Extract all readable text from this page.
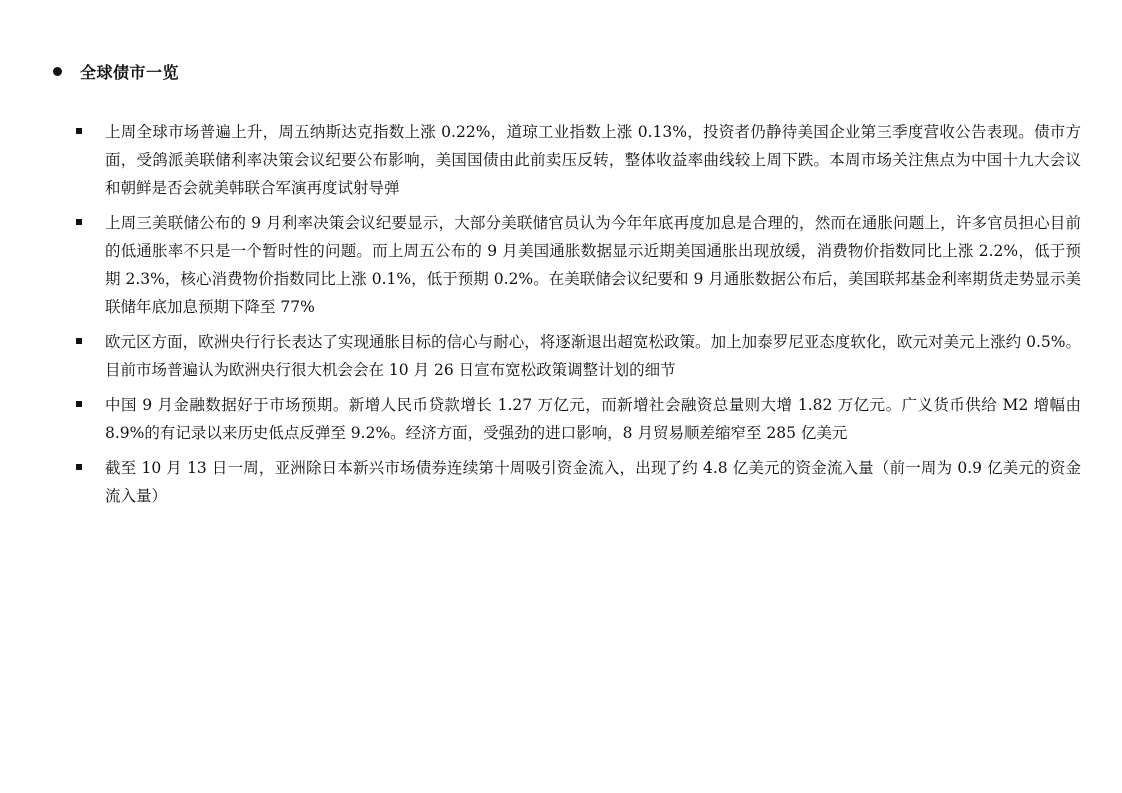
全球债市一览
上周全球市场普遍上升，周五纳斯达克指数上涨 0.22%，道琼工业指数上涨 0.13%，投资者仍静待美国企业第三季度营收公告表现。债市方面，受鸽派美联储利率决策会议纪要公布影响，美国国债由此前卖压反转，整体收益率曲线较上周下跌。本周市场关注焦点为中国十九大会议和朝鲜是否会就美韩联合军演再度试射导弹
上周三美联储公布的 9 月利率决策会议纪要显示，大部分美联储官员认为今年年底再度加息是合理的，然而在通胀问题上，许多官员担心目前的低通胀率不只是一个暂时性的问题。而上周五公布的 9 月美国通胀数据显示近期美国通胀出现放缓，消费物价指数同比上涨 2.2%，低于预期 2.3%，核心消费物价指数同比上涨 0.1%，低于预期 0.2%。在美联储会议纪要和 9 月通胀数据公布后，美国联邦基金利率期货走势显示美联储年底加息预期下降至 77%
欧元区方面，欧洲央行行长表达了实现通胀目标的信心与耐心，将逐渐退出超宽松政策。加上加泰罗尼亚态度软化，欧元对美元上涨约 0.5%。目前市场普遍认为欧洲央行很大机会会在 10 月 26 日宣布宽松政策调整计划的细节
中国 9 月金融数据好于市场预期。新增人民币贷款增长 1.27 万亿元，而新增社会融资总量则大增 1.82 万亿元。广义货币供给 M2 增幅由 8.9%的有记录以来历史低点反弹至 9.2%。经济方面，受强劲的进口影响，8 月贸易顺差缩窄至 285 亿美元
截至 10 月 13 日一周，亚洲除日本新兴市场债券连续第十周吸引资金流入，出现了约 4.8 亿美元的资金流入量（前一周为 0.9 亿美元的资金流入量）
